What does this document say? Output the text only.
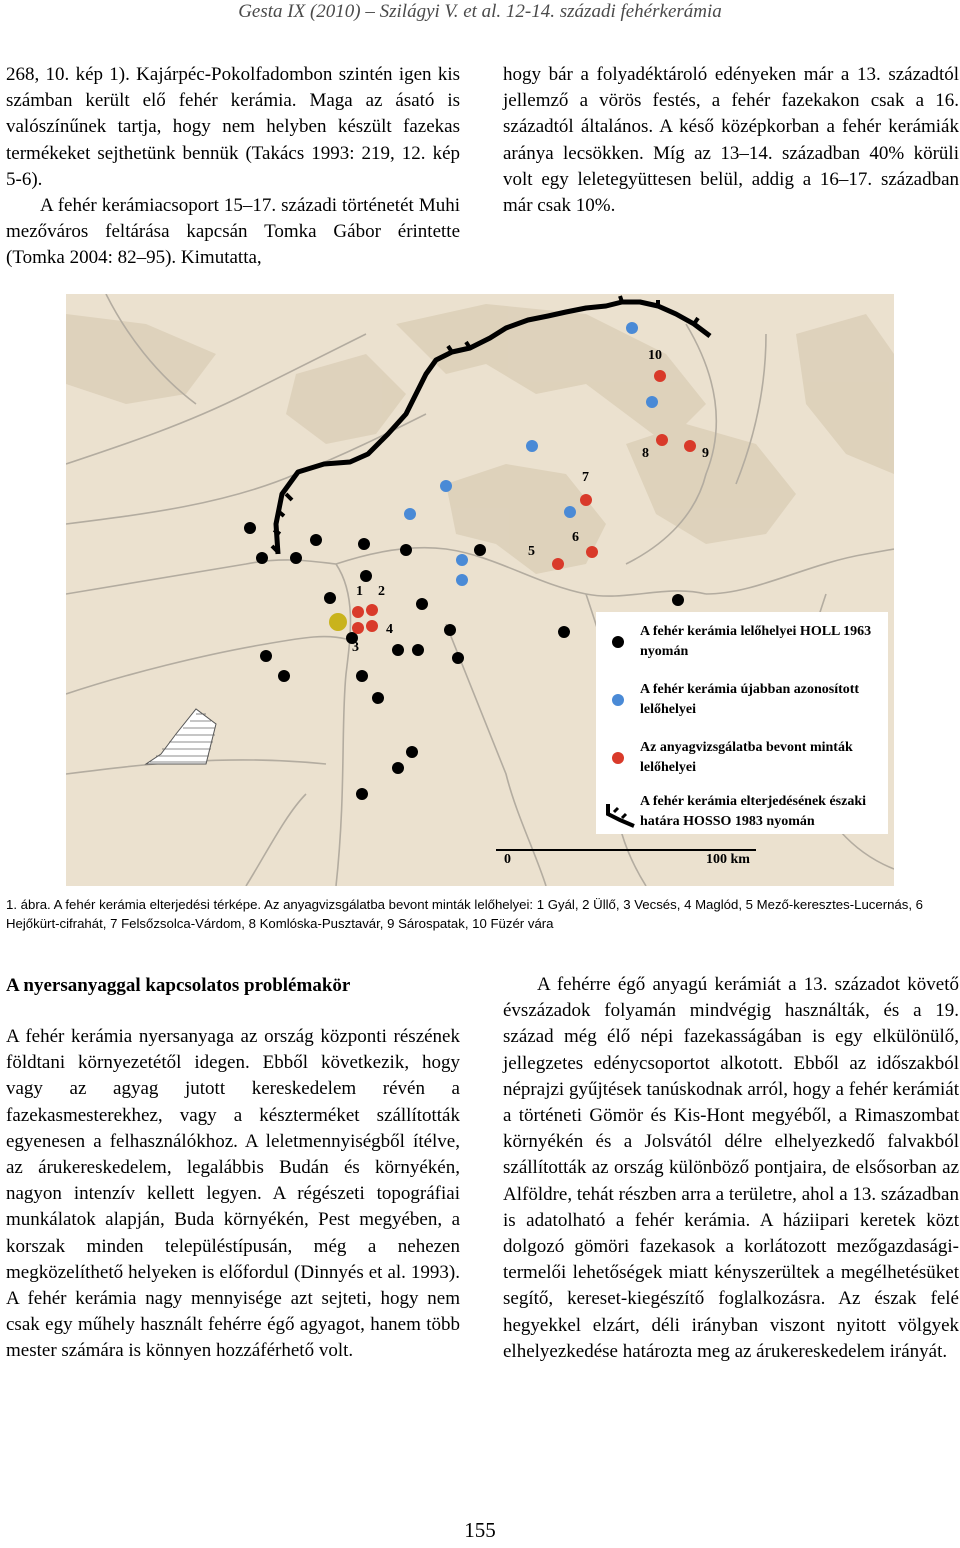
Gesta IX (2010) – Szilágyi V. et al. 12-14. századi fehérkerámia

268, 10. kép 1). Kajárpéc-Pokolfadombon szintén igen kis számban került elő fehér kerámia. Maga az ásató is valószínűnek tartja, hogy nem helyben készült fazekas termékeket sejthetünk bennük (Takács 1993: 219, 12. kép 5-6).

A fehér kerámiacsoport 15–17. századi történetét Muhi mezőváros feltárása kapcsán Tomka Gábor érintette (Tomka 2004: 82–95). Kimutatta,

hogy bár a folyadéktároló edényeken már a 13. századtól jellemző a vörös festés, a fehér fazekakon csak a 16. századtól általános. A késő középkorban a fehér kerámiák aránya lecsökken. Míg az 13–14. században 40% körüli volt egy leletegyüttesen belül, addig a 16–17. században már csak 10%.

1 2
3
4
5
6
7
8	9
10
A fehér kerámia lelőhelyei HOLL 1963 nyomán
A fehér kerámia újabban azonosított lelőhelyei
Az anyagvizsgálatba bevont minták lelőhelyei
A fehér kerámia elterjedésének északi határa HOSSO 1983 nyomán
0	100 km
1. ábra. A fehér kerámia elterjedési térképe. Az anyagvizsgálatba bevont minták lelőhelyei: 1 Gyál, 2 Üllő, 3 Vecsés, 4 Maglód, 5 Mező-keresztes-Lucernás, 6 Hejőkürt-cifrahát, 7 Felsőzsolca-Várdom, 8 Komlóska-Pusztavár, 9 Sárospatak, 10 Füzér vára
A nyersanyaggal kapcsolatos problémakör

A fehér kerámia nyersanyaga az ország központi részének földtani környezetétől idegen. Ebből következik, hogy vagy az agyag jutott kereskedelem révén a fazekasmesterekhez, vagy a készterméket szállították egyenesen a felhasználókhoz. A leletmennyiségből ítélve, az árukereskedelem, legalábbis Budán és környékén, nagyon intenzív kellett legyen. A régészeti topográfiai munkálatok alapján, Buda környékén, Pest megyében, a korszak minden településtípusán, még a nehezen megközelíthető helyeken is előfordul (Dinnyés et al. 1993). A fehér kerámia nagy mennyisége azt sejteti, hogy nem csak egy műhely használt fehérre égő agyagot, hanem több mester számára is könnyen hozzáférhető volt.

A fehérre égő anyagú kerámiát a 13. századot követő évszázadok folyamán mindvégig használták, és a 19. század még élő népi fazekasságában is egy elkülönülő, jellegzetes edénycsoportot alkotott. Ebből az időszakból néprajzi gyűjtések tanúskodnak arról, hogy a fehér kerámiát a történeti Gömör és Kis-Hont megyéből, a Rimaszombat környékén és a Jolsvától délre elhelyezkedő falvakból szállították az ország különböző pontjaira, de elsősorban az Alföldre, tehát részben arra a területre, ahol a 13. században is adatolható a fehér kerámia. A háziipari keretek közt dolgozó gömöri fazekasok a korlátozott mezőgazdasági-termelői lehetőségek miatt kényszerültek a megélhetésüket segítő, kereset-kiegészítő foglalkozásra. Az észak felé hegyekkel elzárt, déli irányban viszont nyitott völgyek elhelyezkedése határozta meg az árukereskedelem irányát.

155
